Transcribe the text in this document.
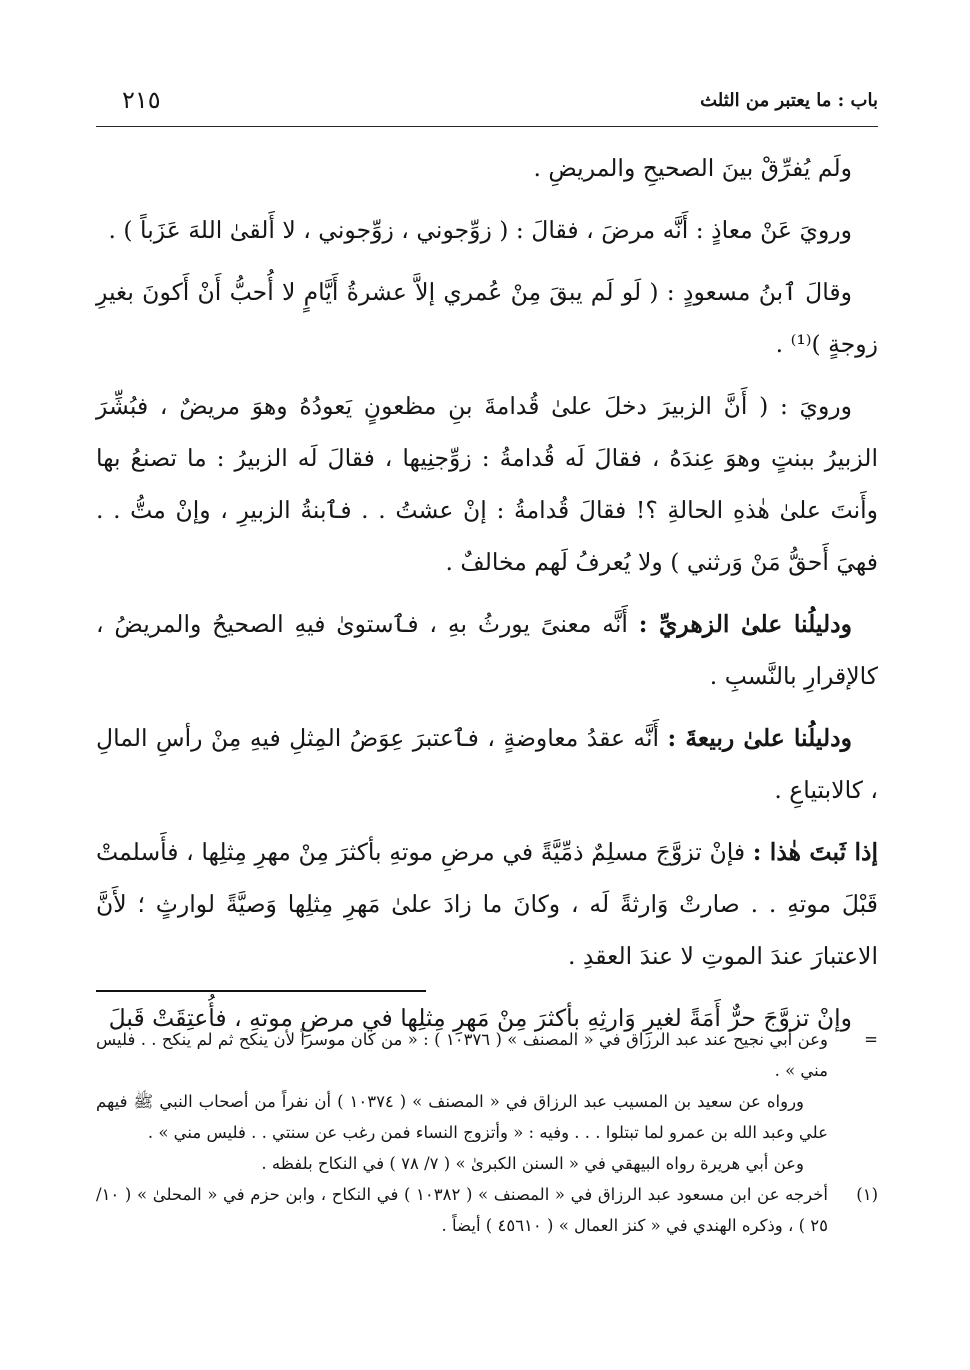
باب : ما يعتبر من الثلث
٢١٥

ولَم يُفرِّقْ بينَ الصحيحِ والمريضِ .

ورويَ عَنْ معاذٍ : أَنَّه مرضَ ، فقالَ : ( زوِّجوني ، زوِّجوني ، لا أَلقىٰ اللهَ عَزَباً ) .

وقالَ ٱبنُ مسعودٍ : ( لَو لَم يبقَ مِنْ عُمري إلاَّ عشرةُ أَيَّامٍ لا أُحبُّ أَنْ أَكونَ بغيرِ زوجةٍ )⁽¹⁾ .

ورويَ : ( أَنَّ الزبيرَ دخلَ علىٰ قُدامةَ بنِ مظعونٍ يَعودُهُ وهوَ مريضٌ ، فبُشِّرَ الزبيرُ ببنتٍ وهوَ عِندَهُ ، فقالَ لَه قُدامةُ : زوِّجنِيها ، فقالَ لَه الزبيرُ : ما تصنعُ بها وأَنتَ علىٰ هٰذهِ الحالةِ ؟! فقالَ قُدامةُ : إنْ عشتُ . . فٱبنةُ الزبيرِ ، وإنْ متُّ . . فهيَ أَحقُّ مَنْ وَرثني ) ولا يُعرفُ لَهم مخالفٌ .

ودليلُنا علىٰ الزهريِّ : أَنَّه معنىً يورثُ بهِ ، فٱستوىٰ فيهِ الصحيحُ والمريضُ ، كالإقرارِ بالنَّسبِ .

ودليلُنا علىٰ ربيعةَ : أَنَّه عقدُ معاوضةٍ ، فٱعتبرَ عِوَضُ المِثلِ فيهِ مِنْ رأسِ المالِ ، كالابتياعِ .

إذا ثَبتَ هٰذا : فإنْ تزوَّجَ مسلِمٌ ذمِّيَّةً في مرضِ موتهِ بأكثرَ مِنْ مهرِ مِثلِها ، فأَسلمتْ قَبْلَ موتهِ . . صارتْ وَارثةً لَه ، وكانَ ما زادَ علىٰ مَهرِ مِثلِها وَصيَّةً لوارثٍ ؛ لأَنَّ الاعتبارَ عندَ الموتِ لا عندَ العقدِ .

وإنْ تزوَّجَ حرٌّ أَمَةً لغيرِ وَارثِهِ بأكثرَ مِنْ مَهرِ مِثلِها في مرضِ موتهِ ، فأُعتِقَتْ قَبلَ

=
وعن أبي نجيح عند عبد الرزاق في « المصنف » ( ١٠٣٧٦ ) : « من كان موسراً لأن ينكح ثم لم ينكح . . فليس مني » .

ورواه عن سعيد بن المسيب عبد الرزاق في « المصنف » ( ١٠٣٧٤ ) أن نفراً من أصحاب النبي ﷺ فيهم علي وعبد الله بن عمرو لما تبتلوا . . . وفيه : « وأتزوج النساء فمن رغب عن سنتي . . فليس مني » .

وعن أبي هريرة رواه البيهقي في « السنن الكبرىٰ » ( ٧/ ٧٨ ) في النكاح بلفظه .

(١)
أخرجه عن ابن مسعود عبد الرزاق في « المصنف » ( ١٠٣٨٢ ) في النكاح ، وابن حزم في « المحلىٰ » ( ١٠/ ٢٥ ) ، وذكره الهندي في « كنز العمال » ( ٤٥٦١٠ ) أيضاً .
